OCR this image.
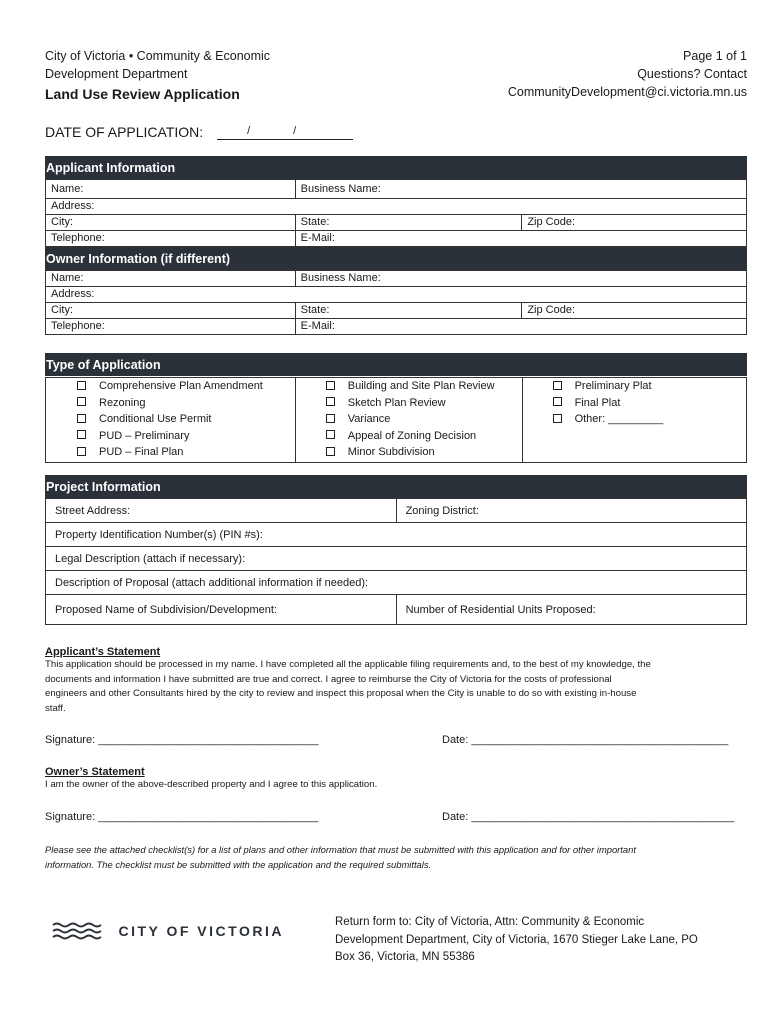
City of Victoria • Community & Economic
Development Department
Land Use Review Application
Page 1 of 1
Questions? Contact
CommunityDevelopment@ci.victoria.mn.us
DATE OF APPLICATION:	/	/
Applicant Information
Name:	Business Name:	
Address:		
City:	State:	Zip Code:
Telephone:	E-Mail:	
Owner Information (if different)
Name:	Business Name:	
Address:		
City:	State:	Zip Code:
Telephone:	E-Mail:	
Type of Application
Comprehensive Plan Amendment
Rezoning
Conditional Use Permit
PUD – Preliminary
PUD – Final Plan

Building and Site Plan Review
Sketch Plan Review
Variance
Appeal of Zoning Decision
Minor Subdivision

Preliminary Plat
Final Plat
Other: _________
Project Information
Street Address:	Zoning District:
Property Identification Number(s) (PIN #s):	
Legal Description (attach if necessary):	
Description of Proposal (attach additional information if needed):	
Proposed Name of Subdivision/Development:	Number of Residential Units Proposed:
Applicant’s Statement
This application should be processed in my name. I have completed all the applicable filing requirements and, to the best of my knowledge, the
documents and information I have submitted are true and correct. I agree to reimburse the City of Victoria for the costs of professional
engineers and other Consultants hired by the city to review and inspect this proposal when the City is unable to do so with existing in-house
staff.
Signature: ____________________________________	Date: __________________________________________
Owner’s Statement
I am the owner of the above-described property and I agree to this application.
Signature: ____________________________________	Date: ___________________________________________
Please see the attached checklist(s) for a list of plans and other information that must be submitted with this application and for other important
information. The checklist must be submitted with the application and the required submittals.
CITY OF VICTORIA
Return form to: City of Victoria, Attn: Community & Economic
Development Department, City of Victoria, 1670 Stieger Lake Lane, PO
Box 36, Victoria, MN 55386
